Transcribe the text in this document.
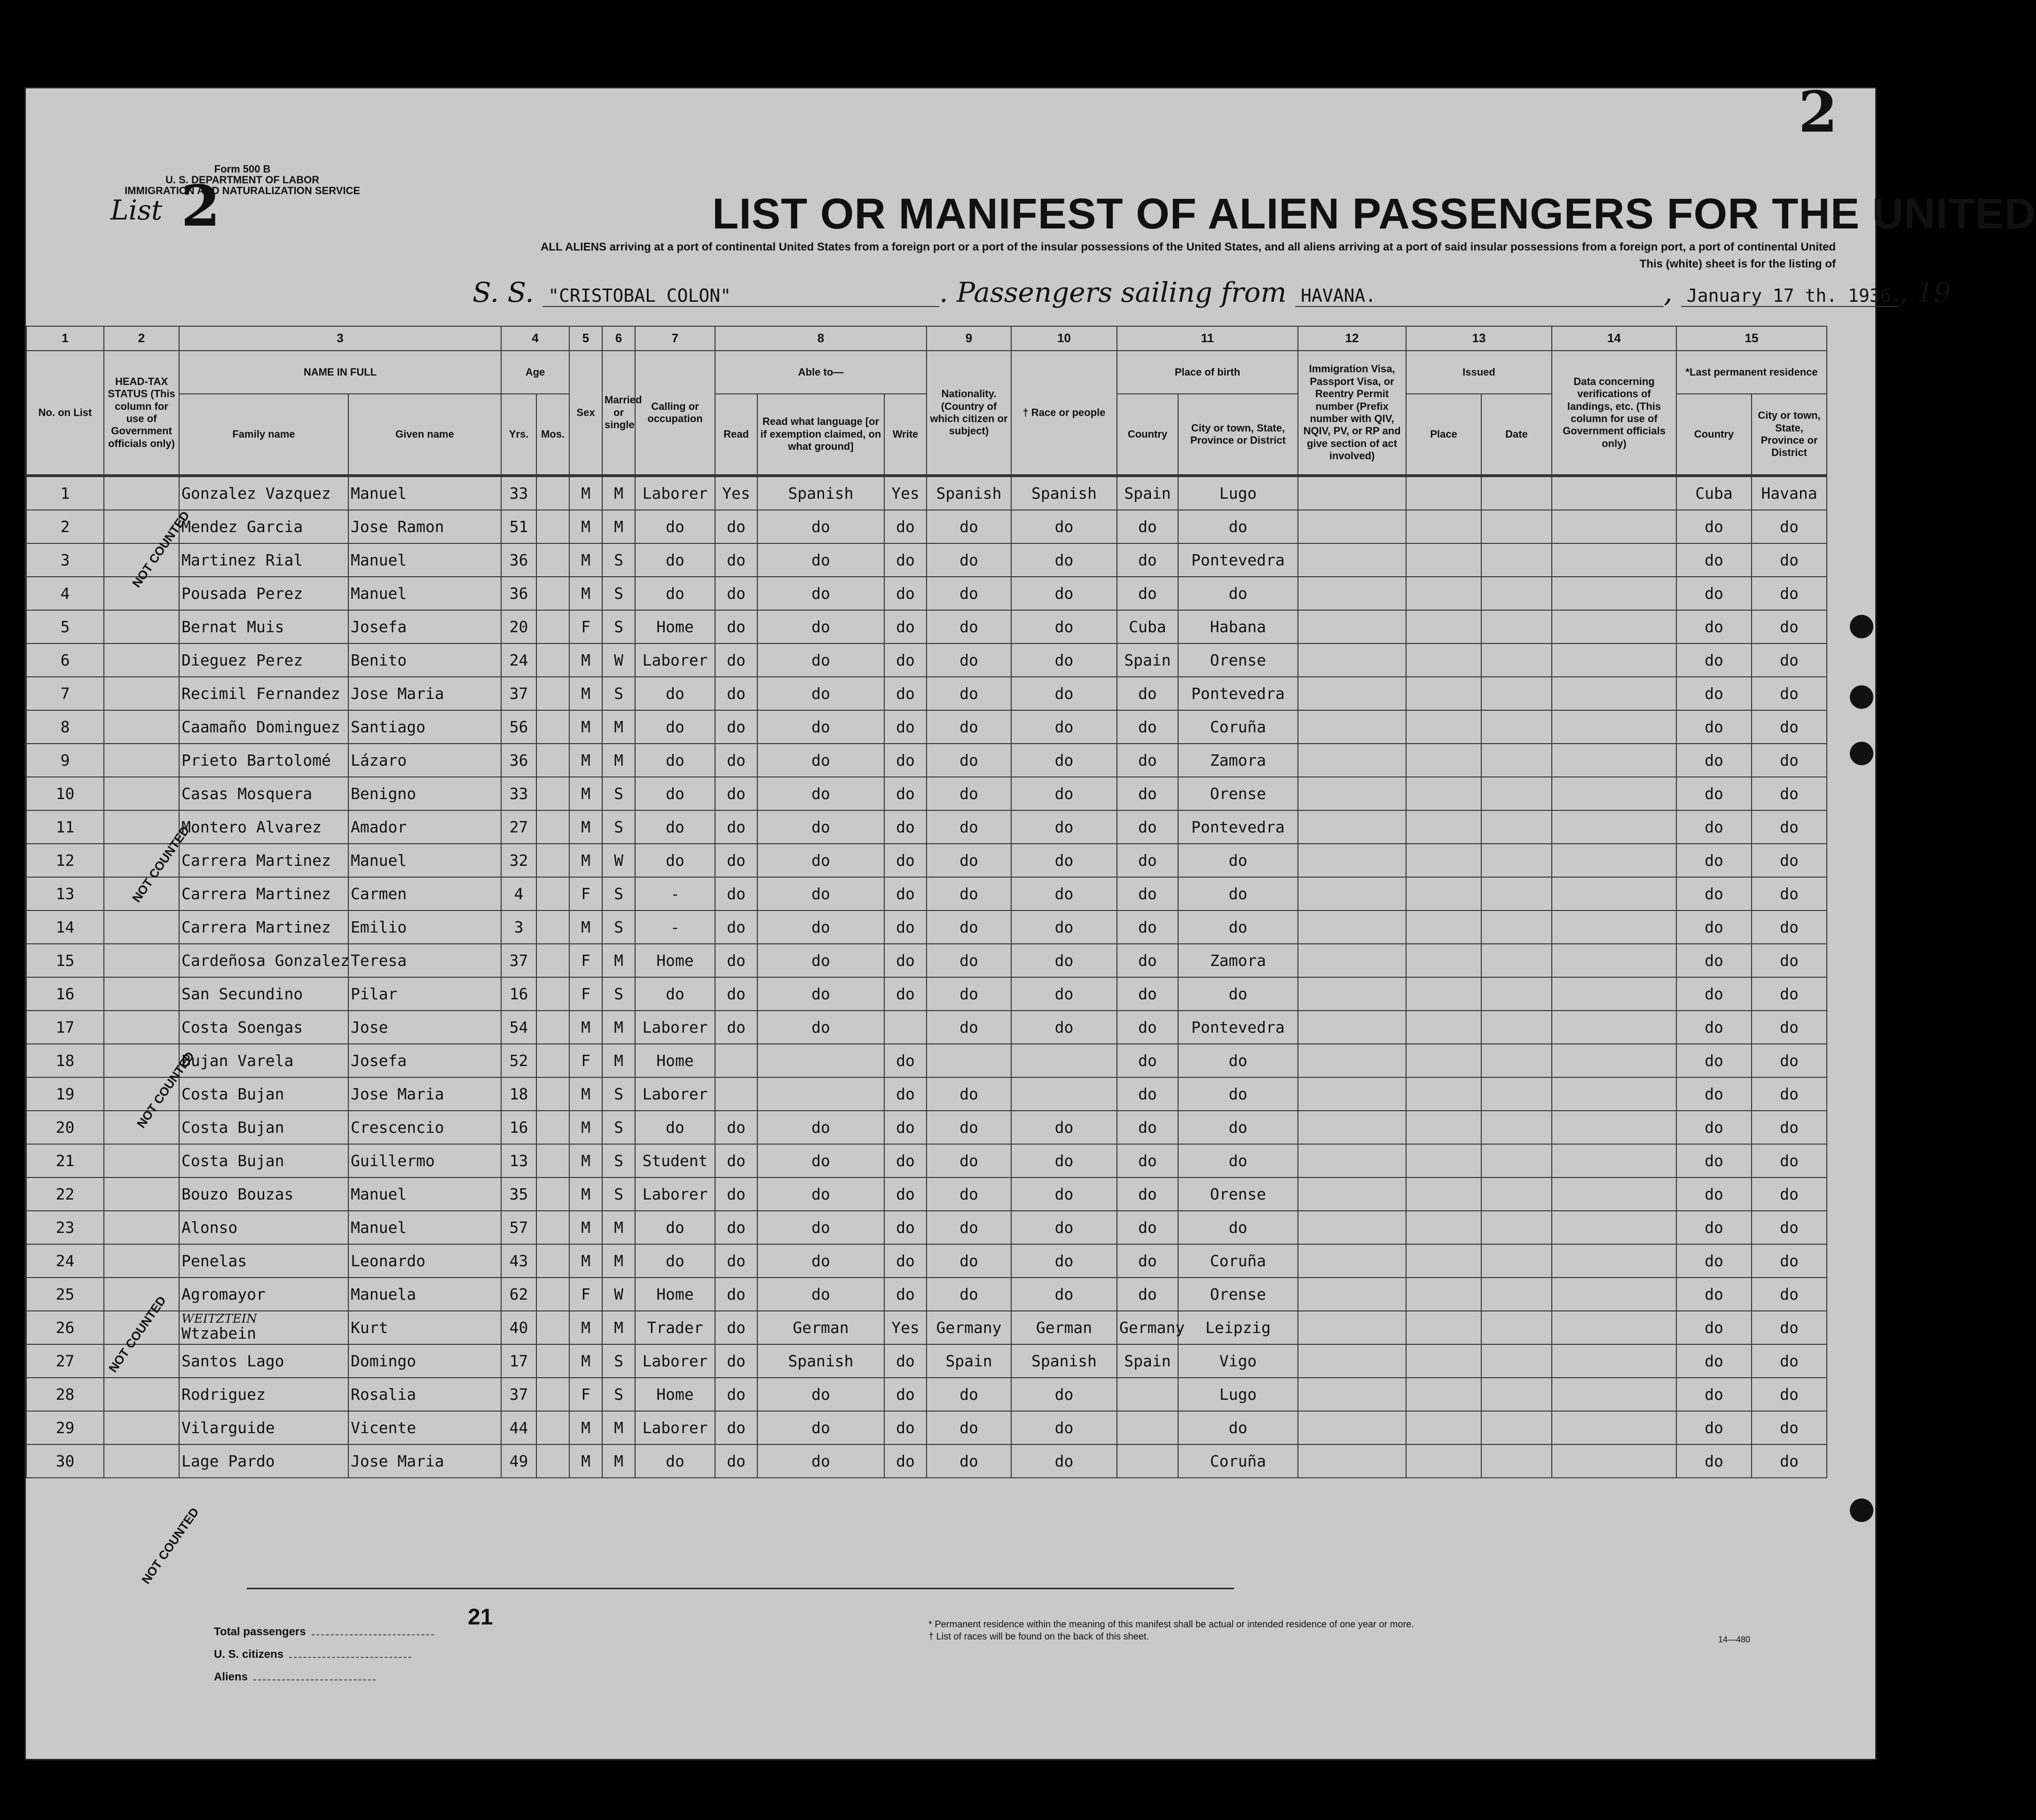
2
Form 500 B
U. S. DEPARTMENT OF LABOR
IMMIGRATION AND NATURALIZATION SERVICE
List 2	LIST OR MANIFEST OF ALIEN PASSENGERS FOR THE UNITED
ALL ALIENS arriving at a port of continental United States from a foreign port or a port of the insular possessions of the United States, and all aliens arriving at a port of said insular possessions from a foreign port, a port of continental United
This (white) sheet is for the listing of
S. S. "CRISTOBAL COLON"	. Passengers sailing from HAVANA.	, January 17 th. 1936., 19
1	2	3		4		5	6	7	8			9	10	11		12	13		14	15	
No. on List	HEAD-TAX STATUS (This column for use of Government officials only)	NAME IN FULL		Age		Sex	Married or single	Calling or occupation	Able to—			Nationality. (Country of which citizen or subject)	† Race or people	Place of birth		Immigration Visa, Passport Visa, or Reentry Permit number (Prefix number with QIV, NQIV, PV, or RP and give section of act involved)	Issued		Data concerning verifications of landings, etc. (This column for use of Government officials only)	*Last permanent residence	
		Family name	Given name	Yrs.	Mos.				Read	Read what language [or if exemption claimed, on what ground]	Write			Country	City or town, State, Province or District		Place	Date		Country	City or town, State, Province or District
1		Gonzalez Vazquez	Manuel	33		M	M	Laborer	Yes	Spanish	Yes	Spanish	Spanish	Spain	Lugo					Cuba	Havana
2		Mendez Garcia	Jose Ramon	51		M	M	do	do	do	do	do	do	do	do					do	do
3		Martinez Rial	Manuel	36		M	S	do	do	do	do	do	do	do	Pontevedra					do	do
4		Pousada Perez	Manuel	36		M	S	do	do	do	do	do	do	do	do					do	do
5		Bernat Muis	Josefa	20		F	S	Home	do	do	do	do	do	Cuba	Habana					do	do
6		Dieguez Perez	Benito	24		M	W	Laborer	do	do	do	do	do	Spain	Orense					do	do
7		Recimil Fernandez	Jose Maria	37		M	S	do	do	do	do	do	do	do	Pontevedra					do	do
8		Caamaño Dominguez	Santiago	56		M	M	do	do	do	do	do	do	do	Coruña					do	do
9		Prieto Bartolomé	Lázaro	36		M	M	do	do	do	do	do	do	do	Zamora					do	do
10		Casas Mosquera	Benigno	33		M	S	do	do	do	do	do	do	do	Orense					do	do
11		Montero Alvarez	Amador	27		M	S	do	do	do	do	do	do	do	Pontevedra					do	do
12		Carrera Martinez	Manuel	32		M	W	do	do	do	do	do	do	do	do					do	do
13		Carrera Martinez	Carmen	4		F	S	-	do	do	do	do	do	do	do					do	do
14		Carrera Martinez	Emilio	3		M	S	-	do	do	do	do	do	do	do					do	do
15		Cardeñosa Gonzalez	Teresa	37		F	M	Home	do	do	do	do	do	do	Zamora					do	do
16		San Secundino	Pilar	16		F	S	do	do	do	do	do	do	do	do					do	do
17		Costa Soengas	Jose	54		M	M	Laborer	do	do		do	do	do	Pontevedra					do	do
18		Bujan Varela	Josefa	52		F	M	Home			do			do	do					do	do
19		Costa Bujan	Jose Maria	18		M	S	Laborer			do	do		do	do					do	do
20		Costa Bujan	Crescencio	16		M	S	do	do	do	do	do	do	do	do					do	do
21		Costa Bujan	Guillermo	13		M	S	Student	do	do	do	do	do	do	do					do	do
22		Bouzo Bouzas	Manuel	35		M	S	Laborer	do	do	do	do	do	do	Orense					do	do
23		Alonso	Manuel	57		M	M	do	do	do	do	do	do	do	do					do	do
24		Penelas	Leonardo	43		M	M	do	do	do	do	do	do	do	Coruña					do	do
25		Agromayor	Manuela	62		F	W	Home	do	do	do	do	do	do	Orense					do	do
26		WEITZTEIN
Wtzabein	Kurt	40		M	M	Trader	do	German	Yes	Germany	German	Germany	Leipzig					do	do
27		Santos Lago	Domingo	17		M	S	Laborer	do	Spanish	do	Spain	Spanish	Spain	Vigo					do	do
28		Rodriguez	Rosalia	37		F	S	Home	do	do	do	do	do		Lugo					do	do
29		Vilarguide	Vicente	44		M	M	Laborer	do	do	do	do	do		do					do	do
30		Lage Pardo	Jose Maria	49		M	M	do	do	do	do	do	do		Coruña					do	do
NOT COUNTED
NOT COUNTED
NOT COUNTED
NOT COUNTED
NOT COUNTED
Total passengers
U. S. citizens
Aliens
21	* Permanent residence within the meaning of this manifest shall be actual or intended residence of one year or more.
† List of races will be found on the back of this sheet.	14—480
